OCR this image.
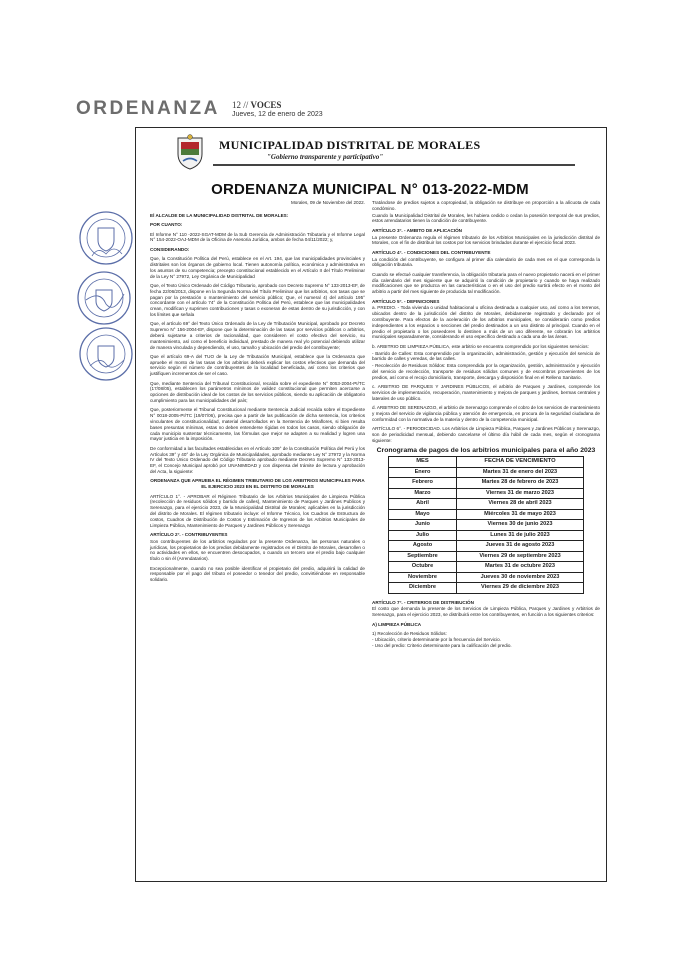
ORDENANZA 12 // VOCES
Jueves, 12 de enero de 2023
MUNICIPALIDAD DISTRITAL DE MORALES
"Gobierno transparente y participativo"
ORDENANZA MUNICIPAL N° 013-2022-MDM

Morales, 09 de Noviembre del 2022.

El ALCALDE DE LA MUNICIPALIDAD DISTRITAL DE MORALES:

POR CUANTO:

El Informe N° 110 -2022-SGAT-MDM de la Sub Gerencia de Administración Tributaria y el Informe Legal N° 154-2022-OAJ-MDM de la Oficina de Asesoria Jurídica, ambos de fecha 04/11/2022; y,

CONSIDERANDO:

Que, la Constitución Política del Perú, establece en el Art. 194, que las municipalidades provinciales y distritales son los órganos de gobierno local. Tienen autonomía política, económica y administrativa en los asuntos de su competencia; precepto constitucional establecido en el Artículo II del Título Preliminar de la Ley N° 27972, Ley Orgánica de Municipalidad

Que, el Texto Único Ordenado del Código Tributario, aprobado con Decreto Supremo N° 133-2013-EF, de fecha 22/06/2013, dispone en la Segunda Norma del Título Preliminar que los arbitrios, son tasas que se pagan por la prestación o mantenimiento del servicio público; Que, el numeral 4) del artículo 195° concordante con el artículo 74° de la Constitución Política del Perú, establece que las municipalidades crean, modifican y suprimen contribuciones y tasas o exoneran de estas dentro de su jurisdicción, y con los límites que señala

Que, el artículo 69° del Texto Único Ordenado de la Ley de Tributación Municipal, aprobado por Decreto Supremo N° 156-2004-EF, dispone que la determinación de las tasas por servicios públicos o arbitrios, deberá sujetarse a criterios de racionalidad, que consideren el costo efectivo del servicio, su mantenimiento, así como el beneficio individual, prestado de manera real y/o potencial debiendo utilizar de manera vinculada y dependiendo, el uso, tamaño y ubicación del predio del contribuyente;

Que el artículo 69-A del TUO de la Ley de Tributación Municipal, establece que la Ordenanza que apruebe el monto de las tasas de los arbitrios deberá explicar los costos efectivos que demanda del servicio según el número de contribuyentes de la localidad beneficiada, así como los criterios que justifiquen incrementos de ser el caso.

Que, mediante Sentencia del Tribunal Constitucional, recaída sobre el expediente N° 0053-2004-PI/TC (17/08/05), establecen los parámetros mínimos de validez constitucional que permiten acercarse a opciones de distribución ideal de los costos de los servicios públicos, siendo su aplicación de obligatorio cumplimiento para las municipalidades del país;

Que, posteriormente el Tribunal Constitucional mediante Sentencia Judicial recaída sobre el Expediente N° 0018-2005-PI/TC (19/07/06), precisa que a partir de las publicación de dicha sentencia, los criterios vinculantes de constitucionalidad, material desarrollados en la Sentencia de Miraflores, si bien resulta bases presuntas mínimas, estas no deben entenderse rígidas en todos los casos, siendo obligación de cada municipio sustentar técnicamente, las fórmulas que mejor se adapten a su realidad y logren una mayor justicia en la imposición.

De conformidad a las facultades establecidas en el Artículo 109° de la Constitución Política del Perú y los Artículos 39° y 40° de la Ley Orgánica de Municipalidades, aprobado mediante Ley N° 27972 y la Norma IV del Texto Único Ordenado del Código Tributario aprobado mediante Decreto Supremo N° 133-2013-EF, el Concejo Municipal aprobó por UNANIMIDAD y con dispensa del trámite de lectura y aprobación del Acta, la siguiente:

ORDENANZA QUE APRUEBA EL RÉGIMEN TRIBUTARIO DE LOS ARBITRIOS MUNICIPALES PARA EL EJERCICIO 2023 EN EL DISTRITO DE MORALES

ARTÍCULO 1°. - APROBAR el Régimen Tributario de los Arbitrios Municipales de Limpieza Pública (recolección de residuos sólidos y barrido de calles), Mantenimiento de Parques y Jardines Publicos y Serenazgo, para el ejercicio 2023, de la Municipalidad Distrital de Morales; aplicables en la jurisdicción del distrito de Morales. El régimen tributario incluye: el Informe Técnico, los Cuadros de Estructura de costos, Cuadros de Distribución de Costos y Estimación de Ingresos de los Arbitrios Municipales de Limpieza Pública, Mantenimiento de Parques y Jardines Públicos y Serenazgo

ARTÍCULO 2°. - CONTRIBUYENTES

Son contribuyentes de los arbitrios regulados por la presente Ordenanza, las personas naturales o jurídicas, los propietarios de los predios debidamente registrados en el Distrito de Morales, desarrollen o no actividades en ellos, se encuentren desocupados, o cuando un tercero use el predio bajo cualquier título o sin él (Arrendatarios).

Excepcionalmente, cuando no sea posible identificar el propietario del predio, adquirirá la calidad de responsable por el pago del tributo el poseedor o tenedor del predio, convirtiéndose en responsable solidario.

Tratándose de predios sujetos a copropiedad, la obligación se distribuye en proporción a la alícuota de cada condómino.

Cuando la Municipalidad Distrital de Morales, les hubiera cedido o cedan la posesión temporal de sus predios, estos arrendatarios tienen la condición de contribuyente.

ARTÍCULO 3°. - AMBITO DE APLICACIÓN

La presente Ordenanza regula el régimen tributario de los Arbitrios Municipales en la jurisdicción distrital de Morales, con el fin de distribuir los costos por los servicios brindados durante el ejercicio fiscal 2023.

ARTÍCULO 4°. - CONDICIONES DEL CONTRIBUYENTE

La condición del contribuyente, se configura al primer día calendario de cada mes en el que corresponda la obligación tributaria.

Cuando se efectué cualquier transferencia, la obligación tributaria para el nuevo propietario nacerá en el primer día calendario del mes siguiente que se adquirió la condición de propietario y cuando se haya realizado modificaciones que se produzca en las características o en el uso del predio surtirá efecto en el monto del arbitrio a partir del mes siguiente de producida tal modificación.

ARTÍCULO 5°. - DEFINICIONES

a. PREDIO. - Toda vivienda o unidad habitacional u oficina destinada a cualquier uso, así como a los terrenos, ubicados dentro de la jurisdicción del distrito de Morales, debidamente registrado y declarado por el contribuyente. Para efectos de la aceleración de los arbitrios municipales, se considerarán como predios independientes a los espacios o secciones del predio destinados a un uso distinto al principal. Cuando en el predio el propietario o los poseedores lo destinen a más de un uso diferente, se cobrarán los arbitrios municipales separadamente, considerando el uso específico destinado a cada una de las áreas.

b. ARBITRIO DE LIMPIEZA PÚBLICA, este arbitrio se encuentra comprendido por los siguientes servicios:

- Barrido de Calles: Esta comprendido por la organización, administración, gestión y ejecución del servicio de barrido de calles y veredas, de las calles.

- Recolección de Residuos Sólidos: Esta comprendida por la organización, gestión, administración y ejecución del servicio de recolección, transporte de residuos sólidos comunes y de escombros provenientes de los predios, así como el recojo domiciliario, transporte, descarga y disposición final en el Relleno Sanitario.

c. ARBITRIO DE PARQUES Y JARDINES PÚBLICOS, el arbitrio de Parques y Jardines, comprende los servicios de implementación, recuperación, mantenimiento y mejora de parques y jardines, bermas centrales y laterales de uso público.

d. ARBITRIO DE SERENAZGO, el arbitrio de Serenazgo comprende el cobro de los servicios de mantenimiento y mejora del servicio de vigilancia pública y atención de emergencia, en procura de la seguridad ciudadana de conformidad con la normativa de la materia y dentro de la competencia municipal.

ARTÍCULO 6°. - PERIODICIDAD. Los Arbitrios de Limpieza Pública, Parques y Jardines Públicos y Serenazgo, son de periodicidad mensual, debiendo cancelarse el último día hábil de cada mes, según el cronograma siguiente:

Cronograma de pagos de los arbitrios municipales para el año 2023
MES	FECHA DE VENCIMIENTO
Enero	Martes 31 de enero del 2023
Febrero	Martes 28 de febrero de 2023
Marzo	Viernes 31 de marzo 2023
Abril	Viernes 28 de abril 2023
Mayo	Miércoles 31 de mayo 2023
Junio	Viernes 30 de junio 2023
Julio	Lunes 31 de julio 2023
Agosto	Jueves 31 de agosto 2023
Septiembre	Viernes 29 de septiembre 2023
Octubre	Martes 31 de octubre 2023
Noviembre	Jueves 30 de noviembre 2023
Diciembre	Viernes 29 de diciembre 2023

ARTÍCULO 7°. - CRITERIOS DE DISTRIBUCIÓN

El costo que demanda la presente de los Servicios de Limpieza Pública, Parques y Jardines y Arbitrios de Serenazgo, para el ejercicio 2023, se distribuirá entre los contribuyentes, en función a los siguientes criterios:

A) LIMPIEZA PÚBLICA

1) Recolección de Residuos Sólidos:

- Ubicación, criterio determinante por la frecuencia del Servicio.

- Uso del predio: Criterio determinante para la calificación del predio.
